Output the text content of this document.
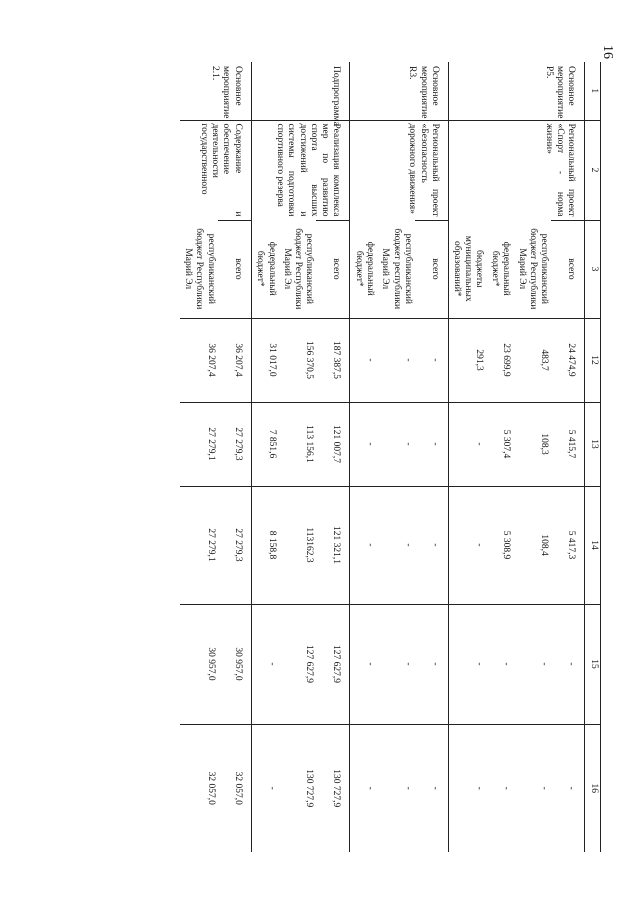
16
1	2	3	12	13	14	15	16
Основное мероприятие Р5.	Региональный проект «Спорт - норма жизни»	всего	24 474,9	5 415,7	5 417,3	-	-
		республиканский бюджет Республики Марий Эл	483,7	108,3	108,4	-	-
		федеральный бюджет*	23 699,9	5 307,4	5 308,9	-	-
		бюджеты муниципальных образований*	291,3	-	-	-	-
Основное мероприятие R3.	Региональный проект «Безопасность дорожного движения»	всего	-	-	-	-	-
		республиканский бюджет республики Марий Эл	-	-	-	-	-
		федеральный бюджет*	-	-	-	-	-
Подпрограмма	Реализация комплекса мер по развитию спорта высших достижений и системы подготовки спортивного резерва	всего	187 387,5	121 007,7	121 321,1	127 627,9	130 727,9
		республиканский бюджет Республики Марий Эл	156 370,5	113 156,1	113162,3	127 627,9	130 727,9
		федеральный бюджет*	31 017,0	7 851,6	8 158,8	-	-
Основное мероприятие 2.1.	Содержание и обеспечение деятельности государственного	всего	36 207,4	27 279,3	27 279,3	30 957,0	32 057,0
		республиканский бюджет Республики Марий Эл	36 207,4	27 279,1	27 279,1	30 957,0	32 057,0
